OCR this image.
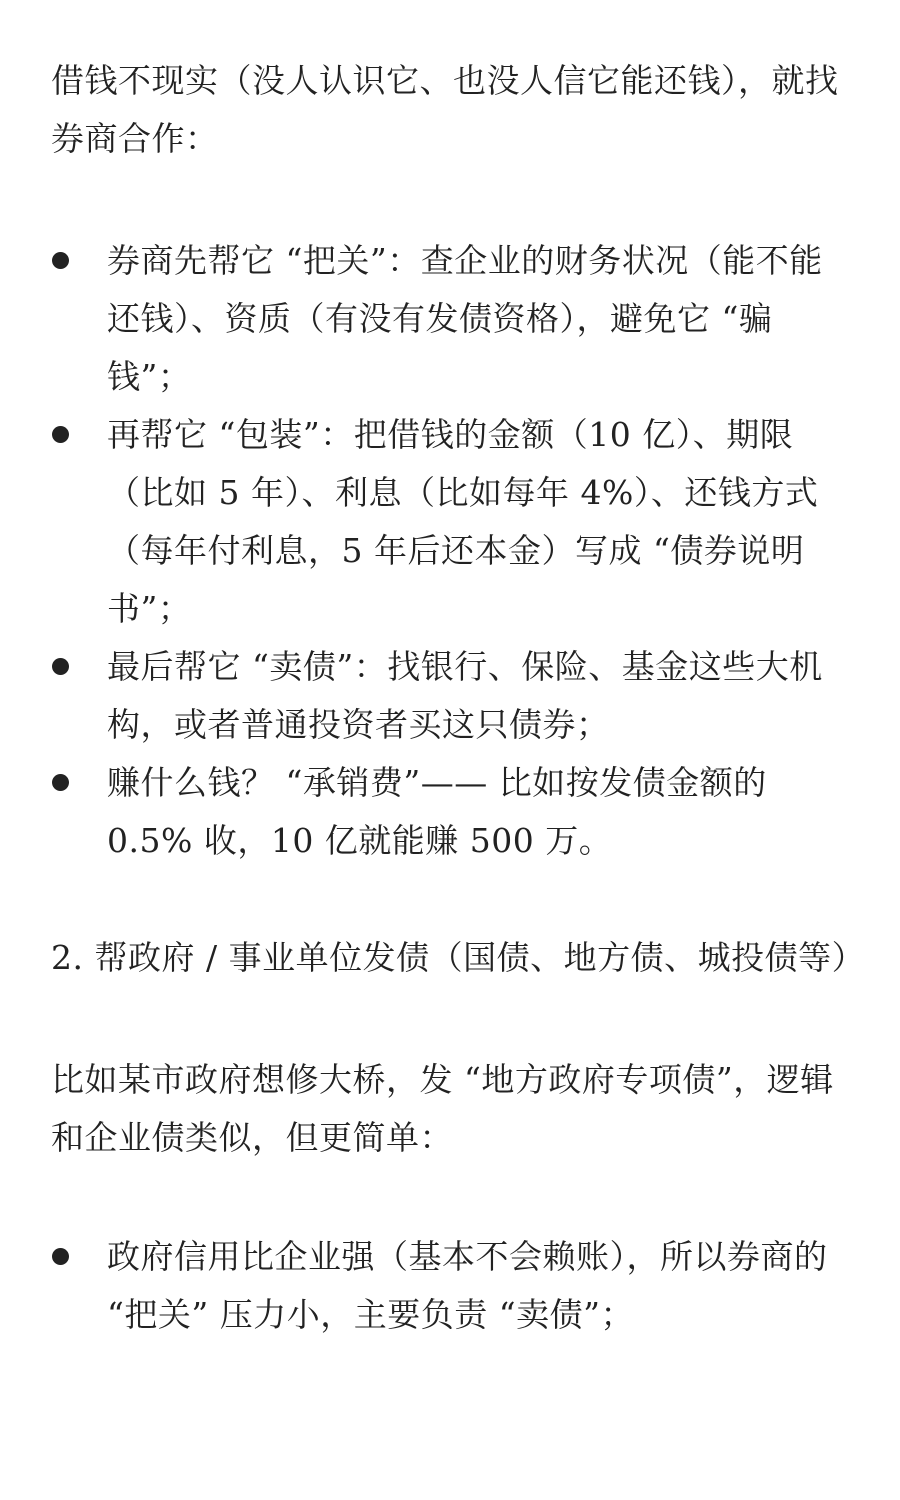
借钱不现实（没人认识它、也没人信它能还钱），就找券商合作：

券商先帮它 “把关”：查企业的财务状况（能不能还钱）、资质（有没有发债资格），避免它 “骗钱”；
再帮它 “包装”：把借钱的金额（10 亿）、期限（比如 5 年）、利息（比如每年 4%）、还钱方式（每年付利息，5 年后还本金）写成 “债券说明书”；
最后帮它 “卖债”：找银行、保险、基金这些大机构，或者普通投资者买这只债券；
赚什么钱？ “承销费”—— 比如按发债金额的 0.5% 收，10 亿就能赚 500 万。

2. 帮政府 / 事业单位发债（国债、地方债、城投债等）

比如某市政府想修大桥，发 “地方政府专项债”，逻辑和企业债类似，但更简单：

政府信用比企业强（基本不会赖账），所以券商的 “把关” 压力小，主要负责 “卖债”；
